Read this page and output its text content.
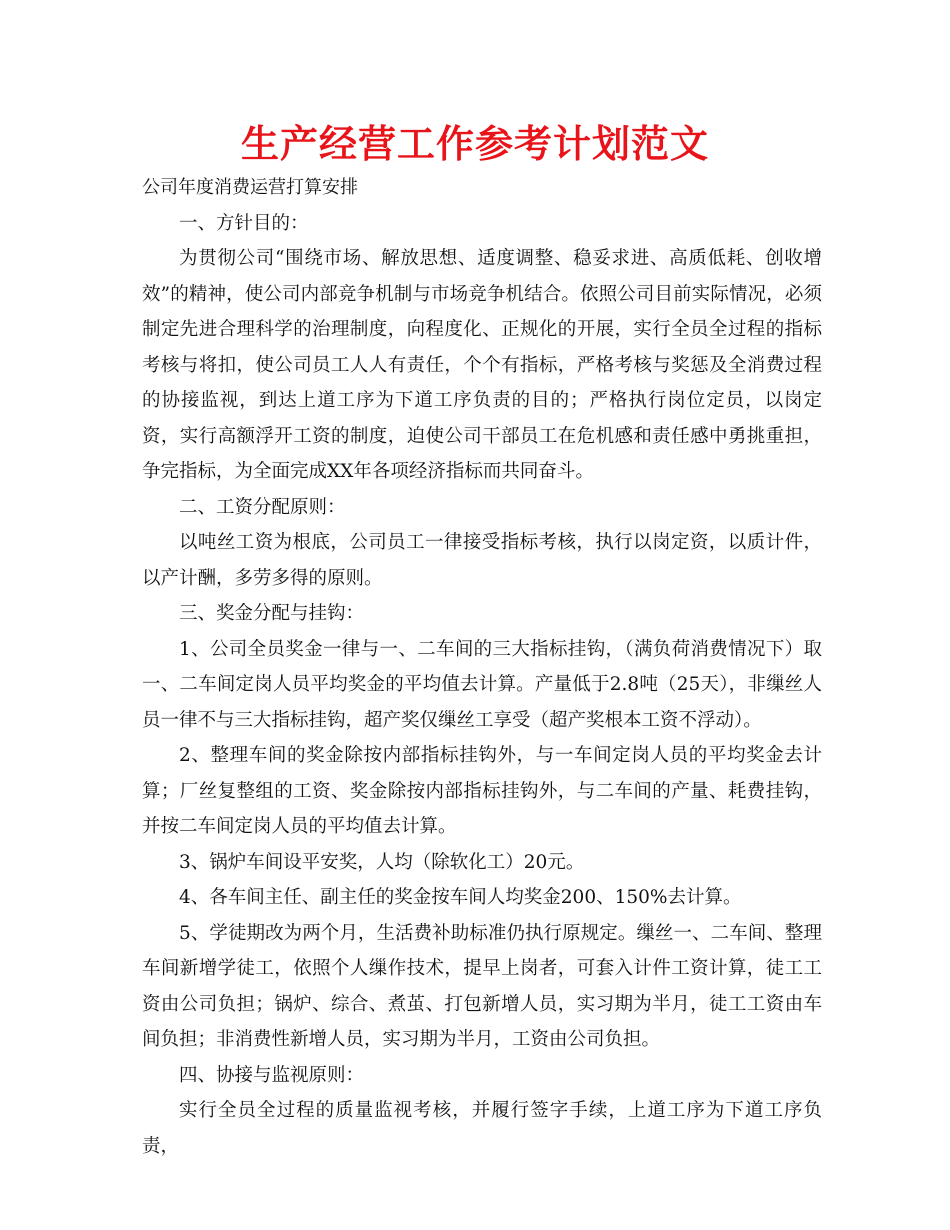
生产经营工作参考计划范文

公司年度消费运营打算安排

一、方针目的：

为贯彻公司“围绕市场、解放思想、适度调整、稳妥求进、高质低耗、创收增效”的精神，使公司内部竞争机制与市场竞争机结合。依照公司目前实际情况，必须制定先进合理科学的治理制度，向程度化、正规化的开展，实行全员全过程的指标考核与将扣，使公司员工人人有责任，个个有指标，严格考核与奖惩及全消费过程的协接监视，到达上道工序为下道工序负责的目的；严格执行岗位定员，以岗定资，实行高额浮开工资的制度，迫使公司干部员工在危机感和责任感中勇挑重担，争完指标，为全面完成XX年各项经济指标而共同奋斗。

二、工资分配原则：

以吨丝工资为根底，公司员工一律接受指标考核，执行以岗定资，以质计件，以产计酬，多劳多得的原则。

三、奖金分配与挂钩：

1、公司全员奖金一律与一、二车间的三大指标挂钩，（满负荷消费情况下）取一、二车间定岗人员平均奖金的平均值去计算。产量低于2.8吨（25天），非缫丝人员一律不与三大指标挂钩，超产奖仅缫丝工享受（超产奖根本工资不浮动）。

2、整理车间的奖金除按内部指标挂钩外，与一车间定岗人员的平均奖金去计算；厂丝复整组的工资、奖金除按内部指标挂钩外，与二车间的产量、耗费挂钩，并按二车间定岗人员的平均值去计算。

3、锅炉车间设平安奖，人均（除软化工）20元。

4、各车间主任、副主任的奖金按车间人均奖金200、150%去计算。

5、学徒期改为两个月，生活费补助标准仍执行原规定。缫丝一、二车间、整理车间新增学徒工，依照个人缫作技术，提早上岗者，可套入计件工资计算，徒工工资由公司负担；锅炉、综合、煮茧、打包新增人员，实习期为半月，徒工工资由车间负担；非消费性新增人员，实习期为半月，工资由公司负担。

四、协接与监视原则：

实行全员全过程的质量监视考核，并履行签字手续，上道工序为下道工序负责，
